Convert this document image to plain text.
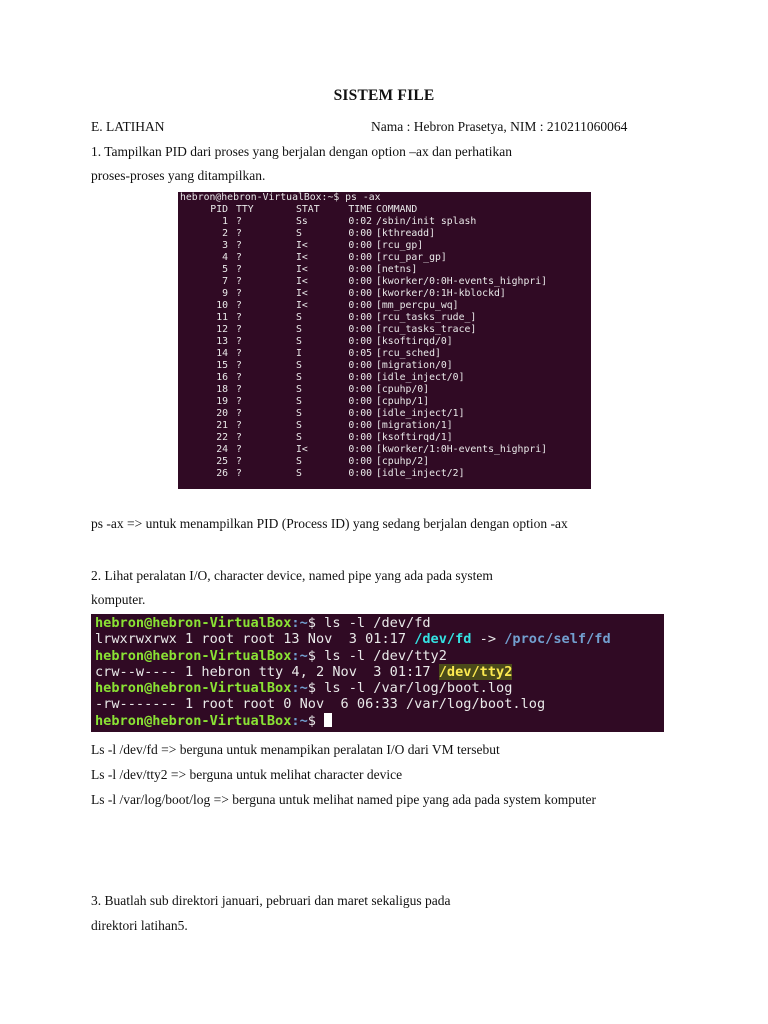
SISTEM FILE
E. LATIHAN	Nama : Hebron Prasetya, NIM : 210211060064
1. Tampilkan PID dari proses yang berjalan dengan option –ax dan perhatikan
proses-proses yang ditampilkan.
hebron@hebron-VirtualBox:~$ ps -ax
PID TTY	STAT	TIME COMMAND
1 ?	Ss	0:02 /sbin/init splash
2 ?	S	0:00 [kthreadd]
3 ?	I<	0:00 [rcu_gp]
4 ?	I<	0:00 [rcu_par_gp]
5 ?	I<	0:00 [netns]
7 ?	I<	0:00 [kworker/0:0H-events_highpri]
9 ?	I<	0:00 [kworker/0:1H-kblockd]
10 ?	I<	0:00 [mm_percpu_wq]
11 ?	S	0:00 [rcu_tasks_rude_]
12 ?	S	0:00 [rcu_tasks_trace]
13 ?	S	0:00 [ksoftirqd/0]
14 ?	I	0:05 [rcu_sched]
15 ?	S	0:00 [migration/0]
16 ?	S	0:00 [idle_inject/0]
18 ?	S	0:00 [cpuhp/0]
19 ?	S	0:00 [cpuhp/1]
20 ?	S	0:00 [idle_inject/1]
21 ?	S	0:00 [migration/1]
22 ?	S	0:00 [ksoftirqd/1]
24 ?	I<	0:00 [kworker/1:0H-events_highpri]
25 ?	S	0:00 [cpuhp/2]
26 ?	S	0:00 [idle_inject/2]
ps -ax => untuk menampilkan PID (Process ID) yang sedang berjalan dengan option -ax
2. Lihat peralatan I/O, character device, named pipe yang ada pada system
komputer.
hebron@hebron-VirtualBox:~$ ls -l /dev/fd
lrwxrwxrwx 1 root root 13 Nov  3 01:17 /dev/fd -> /proc/self/fd
hebron@hebron-VirtualBox:~$ ls -l /dev/tty2
crw--w---- 1 hebron tty 4, 2 Nov  3 01:17 /dev/tty2
hebron@hebron-VirtualBox:~$ ls -l /var/log/boot.log
-rw------- 1 root root 0 Nov  6 06:33 /var/log/boot.log
hebron@hebron-VirtualBox:~$
Ls -l /dev/fd => berguna untuk menampikan peralatan I/O dari VM tersebut
Ls -l /dev/tty2 => berguna untuk melihat character device
Ls -l /var/log/boot/log => berguna untuk melihat named pipe yang ada pada system komputer
3. Buatlah sub direktori januari, pebruari dan maret sekaligus pada
direktori latihan5.
